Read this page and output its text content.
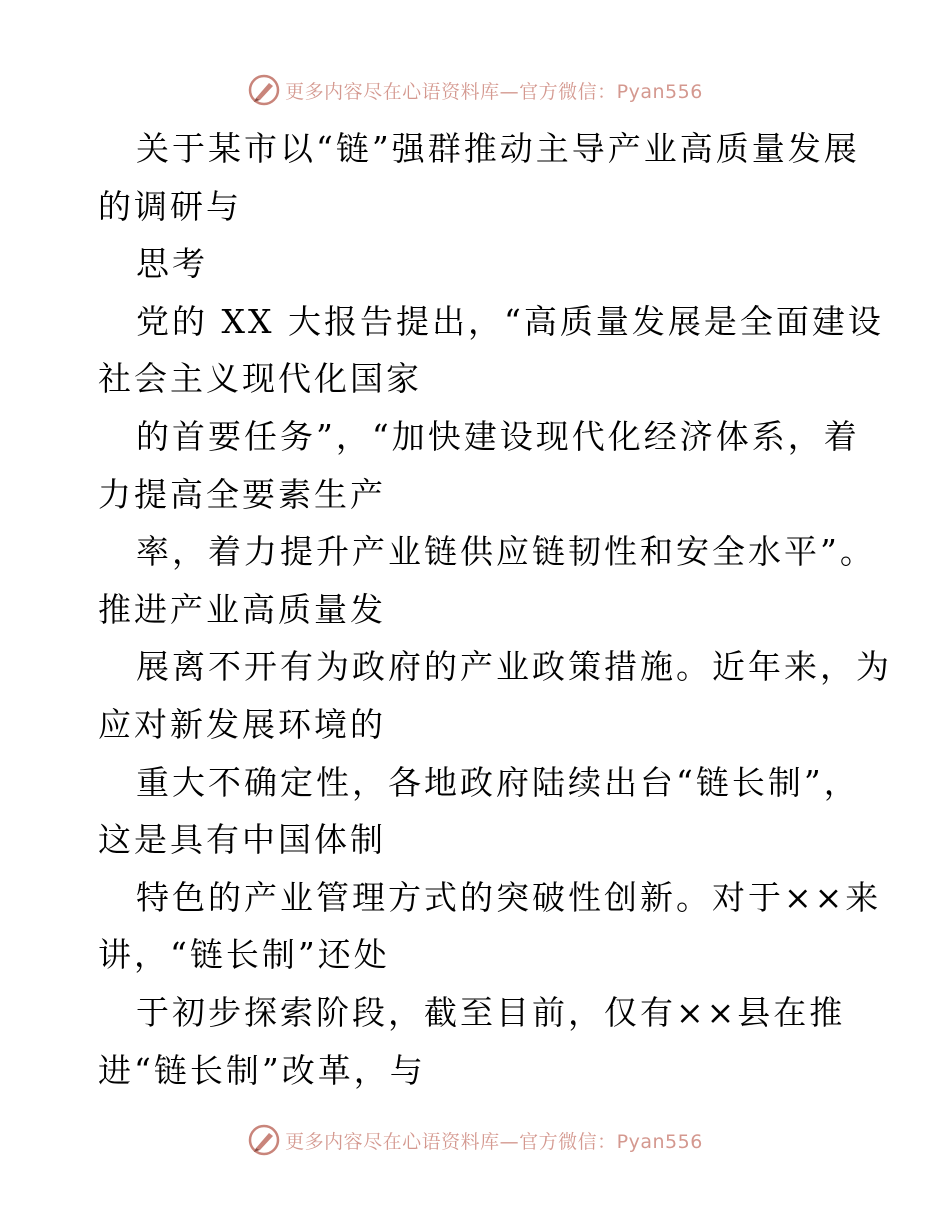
更多内容尽在心语资料库—官方微信：Pyan556
关于某市以“链”强群推动主导产业高质量发展
的调研与
思考
党的 XX 大报告提出，“高质量发展是全面建设
社会主义现代化国家
的首要任务”，“加快建设现代化经济体系，着
力提高全要素生产
率，着力提升产业链供应链韧性和安全水平”。
推进产业高质量发
展离不开有为政府的产业政策措施。近年来，为
应对新发展环境的
重大不确定性，各地政府陆续出台“链长制”，
这是具有中国体制
特色的产业管理方式的突破性创新。对于××来
讲，“链长制”还处
于初步探索阶段，截至目前，仅有××县在推
进“链长制”改革，与
更多内容尽在心语资料库—官方微信：Pyan556
